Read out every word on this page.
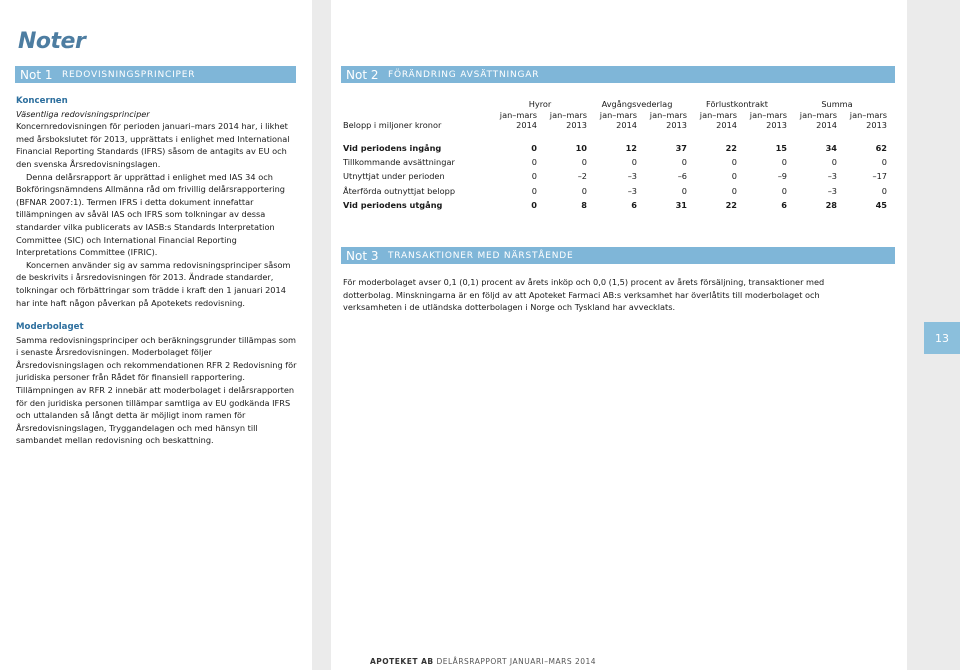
13
Noter
Not 1	REDOVISNINGSPRINCIPER

Koncernen

Väsentliga redovisningsprinciper

Koncernredovisningen för perioden januari–mars 2014 har, i likhet med årsbokslutet för 2013, upprättats i enlighet med International Financial Reporting Standards (IFRS) såsom de antagits av EU och den svenska Årsredovisningslagen.

Denna delårsrapport är upprättad i enlighet med IAS 34 och Bokföringsnämndens Allmänna råd om frivillig delårsrapportering (BFNAR 2007:1). Termen IFRS i detta dokument innefattar tillämpningen av såväl IAS och IFRS som tolkningar av dessa standarder vilka publicerats av IASB:s Standards Interpretation Committee (SIC) och International Financial Reporting Interpretations Committee (IFRIC).

Koncernen använder sig av samma redovisningsprinciper såsom de beskrivits i årsredovisningen för 2013. Ändrade standarder, tolkningar och förbättringar som trädde i kraft den 1 januari 2014 har inte haft någon påverkan på Apotekets redovisning.

Moderbolaget

Samma redovisningsprinciper och beräkningsgrunder tillämpas som i senaste Årsredovisningen. Moderbolaget följer Årsredovisningslagen och rekommendationen RFR 2 Redovisning för juridiska personer från Rådet för finansiell rapportering. Tillämpningen av RFR 2 innebär att moderbolaget i delårsrapporten för den juridiska personen tillämpar samtliga av EU godkända IFRS och uttalanden så långt detta är möjligt inom ramen för Årsredovisningslagen, Tryggandelagen och med hänsyn till sambandet mellan redovisning och beskattning.

Not 2	FÖRÄNDRING AVSÄTTNINGAR
	Hyror		Avgångsvederlag		Förlustkontrakt		Summa	
	jan–mars	jan–mars	jan–mars	jan–mars	jan–mars	jan–mars	jan–mars	jan–mars
Belopp i miljoner kronor	2014	2013	2014	2013	2014	2013	2014	2013

Vid periodens ingång	0	10	12	37	22	15	34	62
Tillkommande avsättningar	0	0	0	0	0	0	0	0
Utnyttjat under perioden	0	–2	–3	–6	0	–9	–3	–17
Återförda outnyttjat belopp	0	0	–3	0	0	0	–3	0
Vid periodens utgång	0	8	6	31	22	6	28	45
Not 3	TRANSAKTIONER MED NÄRSTÅENDE

För moderbolaget avser 0,1 (0,1) procent av årets inköp och 0,0 (1,5) procent av årets försäljning, transaktioner med dotterbolag. Minskningarna är en följd av att Apoteket Farmaci AB:s verksamhet har överlåtits till moderbolaget och verksamheten i de utländska dotterbolagen i Norge och Tyskland har avvecklats.

APOTEKET AB DELÅRSRAPPORT JANUARI–MARS 2014
